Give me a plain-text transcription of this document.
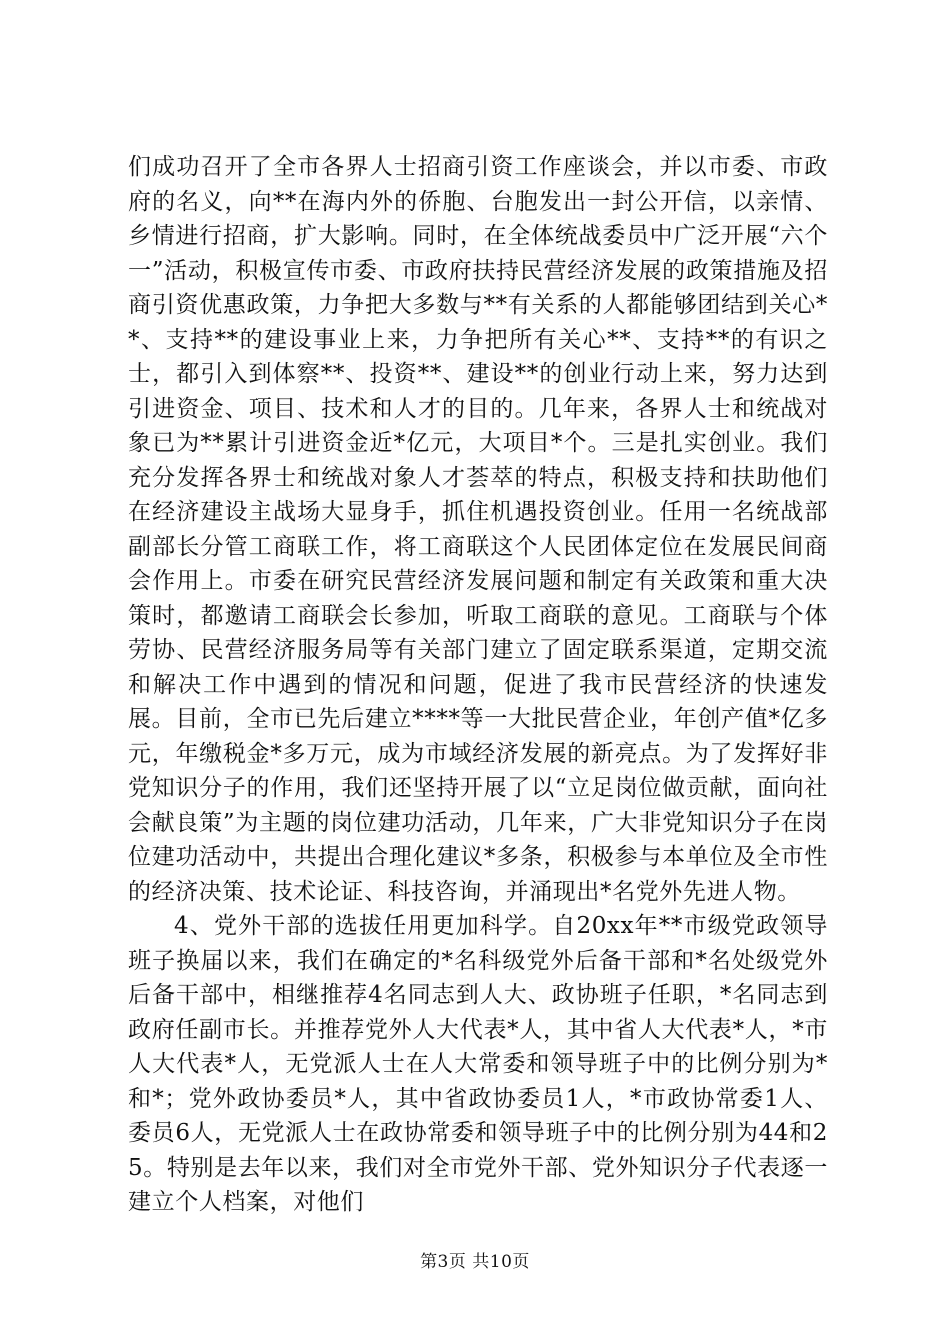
们成功召开了全市各界人士招商引资工作座谈会，并以市委、市政府的名义，向**在海内外的侨胞、台胞发出一封公开信，以亲情、乡情进行招商，扩大影响。同时，在全体统战委员中广泛开展“六个一”活动，积极宣传市委、市政府扶持民营经济发展的政策措施及招商引资优惠政策，力争把大多数与**有关系的人都能够团结到关心**、支持**的建设事业上来，力争把所有关心**、支持**的有识之士，都引入到体察**、投资**、建设**的创业行动上来，努力达到引进资金、项目、技术和人才的目的。几年来，各界人士和统战对象已为**累计引进资金近*亿元，大项目*个。三是扎实创业。我们充分发挥各界士和统战对象人才荟萃的特点，积极支持和扶助他们在经济建设主战场大显身手，抓住机遇投资创业。任用一名统战部副部长分管工商联工作，将工商联这个人民团体定位在发展民间商会作用上。市委在研究民营经济发展问题和制定有关政策和重大决策时，都邀请工商联会长参加，听取工商联的意见。工商联与个体劳协、民营经济服务局等有关部门建立了固定联系渠道，定期交流和解决工作中遇到的情况和问题，促进了我市民营经济的快速发展。目前，全市已先后建立****等一大批民营企业，年创产值*亿多元，年缴税金*多万元，成为市域经济发展的新亮点。为了发挥好非党知识分子的作用，我们还坚持开展了以“立足岗位做贡献，面向社会献良策”为主题的岗位建功活动，几年来，广大非党知识分子在岗位建功活动中，共提出合理化建议*多条，积极参与本单位及全市性的经济决策、技术论证、科技咨询，并涌现出*名党外先进人物。

4、党外干部的选拔任用更加科学。自20xx年**市级党政领导班子换届以来，我们在确定的*名科级党外后备干部和*名处级党外后备干部中，相继推荐4名同志到人大、政协班子任职，*名同志到政府任副市长。并推荐党外人大代表*人，其中省人大代表*人，*市人大代表*人，无党派人士在人大常委和领导班子中的比例分别为*和*；党外政协委员*人，其中省政协委员1人，*市政协常委1人、委员6人，无党派人士在政协常委和领导班子中的比例分别为44和25。特别是去年以来，我们对全市党外干部、党外知识分子代表逐一建立个人档案，对他们

第3页 共10页
